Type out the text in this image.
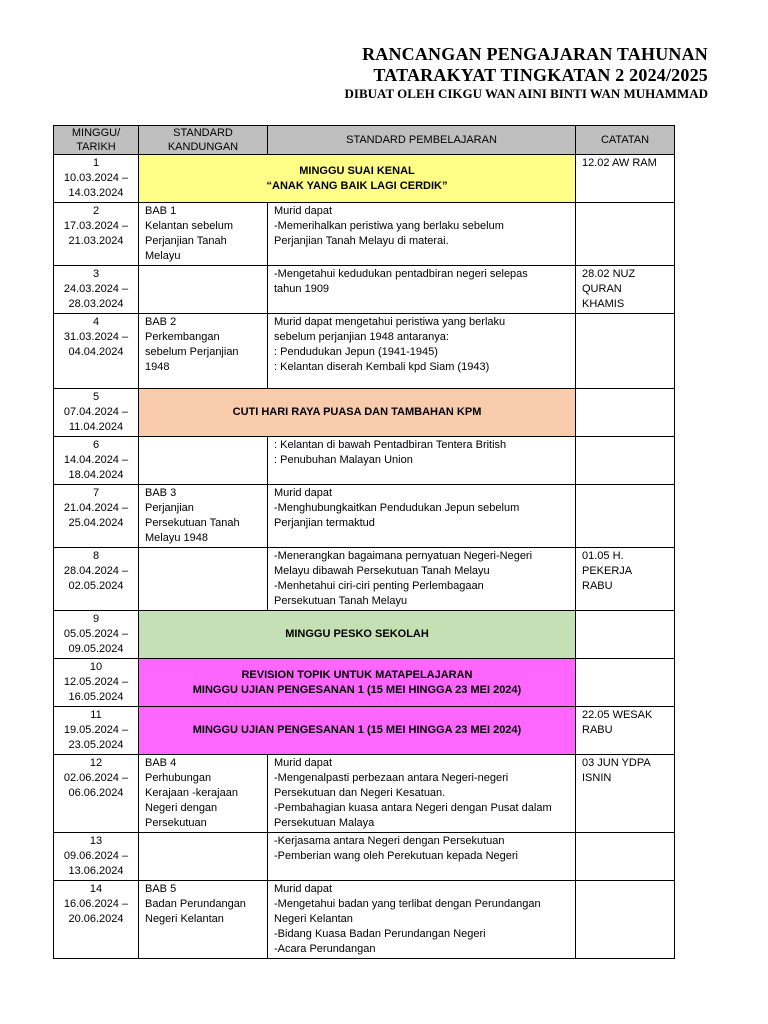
RANCANGAN PENGAJARAN TAHUNAN
TATARAKYAT TINGKATAN 2 2024/2025
DIBUAT OLEH CIKGU WAN AINI BINTI WAN MUHAMMAD
MINGGU/ TARIKH	STANDARD KANDUNGAN	STANDARD PEMBELAJARAN	CATATAN

1
10.03.2024 –
14.03.2024	MINGGU SUAI KENAL
“ANAK YANG BAIK LAGI CERDIK”		12.02 AW RAM

2
17.03.2024 –
21.03.2024	BAB 1
Kelantan sebelum
Perjanjian Tanah
Melayu	Murid dapat
-Memerihalkan peristiwa yang berlaku sebelum
Perjanjian Tanah Melayu di materai.	

3
24.03.2024 –
28.03.2024		-Mengetahui kedudukan pentadbiran negeri selepas
tahun 1909	28.02 NUZ
QURAN
KHAMIS

4
31.03.2024 –
04.04.2024	BAB 2
Perkembangan
sebelum Perjanjian
1948	Murid dapat mengetahui peristiwa yang berlaku
sebelum perjanjian 1948 antaranya:
: Pendudukan Jepun (1941-1945)
: Kelantan diserah Kembali kpd Siam (1943)	

5
07.04.2024 –
11.04.2024	CUTI HARI RAYA PUASA DAN TAMBAHAN KPM		

6
14.04.2024 –
18.04.2024		: Kelantan di bawah Pentadbiran Tentera British
: Penubuhan Malayan Union	

7
21.04.2024 –
25.04.2024	BAB 3
Perjanjian
Persekutuan Tanah
Melayu 1948	Murid dapat
-Menghubungkaitkan Pendudukan Jepun sebelum
Perjanjian termaktud	

8
28.04.2024 –
02.05.2024		-Menerangkan bagaimana pernyatuan Negeri-Negeri
Melayu dibawah Persekutuan Tanah Melayu
-Menhetahui ciri-ciri penting Perlembagaan
Persekutuan Tanah Melayu	01.05 H.
PEKERJA
RABU

9
05.05.2024 –
09.05.2024	MINGGU PESKO SEKOLAH		

10
12.05.2024 –
16.05.2024	REVISION TOPIK UNTUK MATAPELAJARAN
MINGGU UJIAN PENGESANAN 1 (15 MEI HINGGA 23 MEI 2024)		

11
19.05.2024 –
23.05.2024	MINGGU UJIAN PENGESANAN 1 (15 MEI HINGGA 23 MEI 2024)		22.05 WESAK
RABU

12
02.06.2024 –
06.06.2024	BAB 4
Perhubungan
Kerajaan -kerajaan
Negeri dengan
Persekutuan	Murid dapat
-Mengenalpasti perbezaan antara Negeri-negeri
Persekutuan dan Negeri Kesatuan.
-Pembahagian kuasa antara Negeri dengan Pusat dalam
Persekutuan Malaya	03 JUN YDPA
ISNIN

13
09.06.2024 –
13.06.2024		-Kerjasama antara Negeri dengan Persekutuan
-Pemberian wang oleh Perekutuan kepada Negeri	

14
16.06.2024 –
20.06.2024	BAB 5
Badan Perundangan
Negeri Kelantan	Murid dapat
-Mengetahui badan yang terlibat dengan Perundangan
Negeri Kelantan
-Bidang Kuasa Badan Perundangan Negeri
-Acara Perundangan	
